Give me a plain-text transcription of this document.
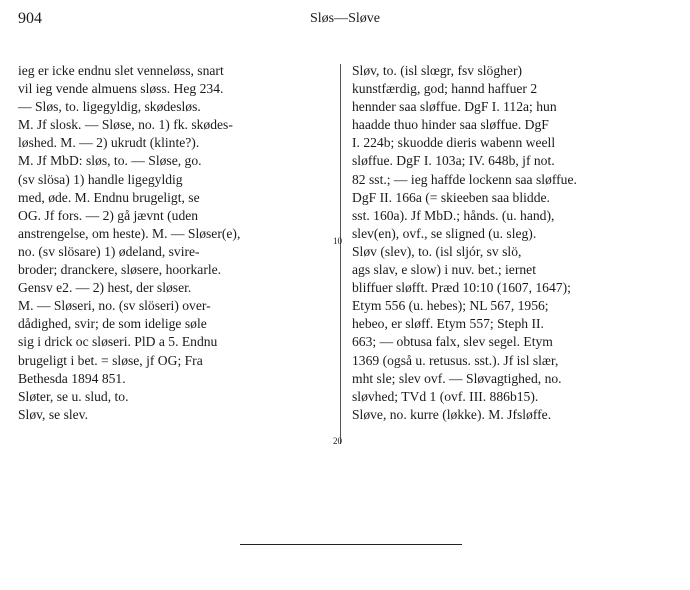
904	Sløs—Sløve
ieg er icke endnu slet venneløss, snart
vil ieg vende almuens sløss. Heg 234.
— Sløs, to. ligegyldig, skødesløs.
M. Jf slosk. — Sløse, no. 1) fk. skødes-
løshed. M. — 2) ukrudt (klinte?).
M. Jf MbD: sløs, to. — Sløse, go.
(sv slösa) 1) handle ligegyldig
med, øde. M. Endnu brugeligt, se
OG. Jf fors. — 2) gå jævnt (uden
anstrengelse, om heste). M. — Sløser(e),
no. (sv slösare) 1) ødeland, svire-
broder; dranckere, sløsere, hoorkarle.
Gensv e2. — 2) hest, der sløser.
M. — Sløseri, no. (sv slöseri) over-
dådighed, svir; de som idelige søle
sig i drick oc sløseri. PlD a 5. Endnu
brugeligt i bet. = sløse, jf OG; Fra
Bethesda 1894 851.
Sløter, se u. slud, to.
Sløv, se slev.
10
20
Sløv, to. (isl slœgr, fsv slögher)
kunstfærdig, god; hannd haffuer 2
hennder saa sløffue. DgF I. 112a; hun
haadde thuo hinder saa sløffue. DgF
I. 224b; skuodde dieris wabenn weell
sløffue. DgF I. 103a; IV. 648b, jf not.
82 sst.; — ieg haffde lockenn saa sløffue.
DgF II. 166a (= skieeben saa blidde.
sst. 160a). Jf MbD.; hånds. (u. hand),
slev(en), ovf., se sligned (u. sleg).
Sløv (slev), to. (isl sljór, sv slö,
ags slav, e slow) i nuv. bet.; iernet
bliffuer sløfft. Præd 10:10 (1607, 1647);
Etym 556 (u. hebes); NL 567, 1956;
hebeo, er sløff. Etym 557; Steph II.
663; — obtusa falx, slev segel. Etym
1369 (også u. retusus. sst.). Jf isl slær,
mht sle; slev ovf. — Sløvagtighed, no.
sløvhed; TVd 1 (ovf. III. 886b15).
Sløve, no. kurre (løkke). M. Jfsløffe.
